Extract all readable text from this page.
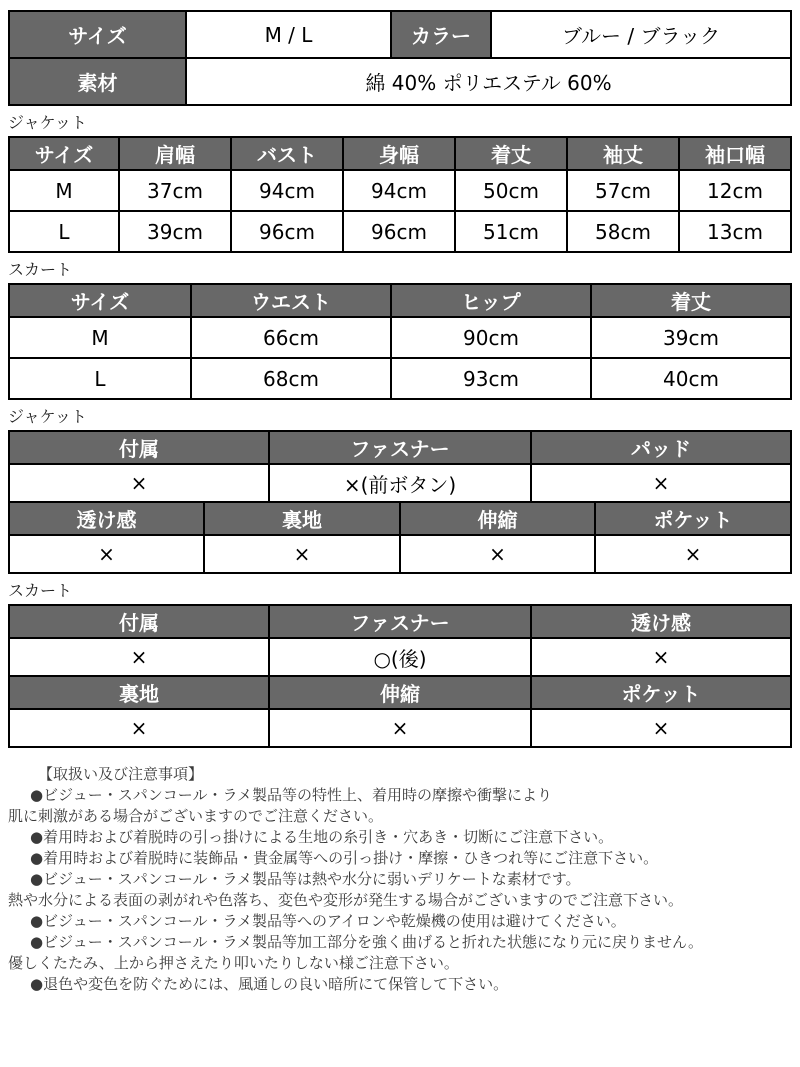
サイズ	M / L	カラー	ブルー / ブラック
素材	綿 40% ポリエステル 60%		
ジャケット
サイズ	肩幅	バスト	身幅	着丈	袖丈	袖口幅
M	37cm	94cm	94cm	50cm	57cm	12cm
L	39cm	96cm	96cm	51cm	58cm	13cm
スカート
サイズ	ウエスト	ヒップ	着丈
M	66cm	90cm	39cm
L	68cm	93cm	40cm
ジャケット
付属	ファスナー	パッド
×	×(前ボタン)	×
透け感	裏地	伸縮	ポケット
×	×	×	×
スカート
付属	ファスナー	透け感
×	○(後)	×
裏地	伸縮	ポケット
×	×	×
【取扱い及び注意事項】
●ビジュー・スパンコール・ラメ製品等の特性上、着用時の摩擦や衝撃により
肌に刺激がある場合がございますのでご注意ください。
●着用時および着脱時の引っ掛けによる生地の糸引き・穴あき・切断にご注意下さい。
●着用時および着脱時に装飾品・貴金属等への引っ掛け・摩擦・ひきつれ等にご注意下さい。
●ビジュー・スパンコール・ラメ製品等は熱や水分に弱いデリケートな素材です。
熱や水分による表面の剥がれや色落ち、変色や変形が発生する場合がございますのでご注意下さい。
●ビジュー・スパンコール・ラメ製品等へのアイロンや乾燥機の使用は避けてください。
●ビジュー・スパンコール・ラメ製品等加工部分を強く曲げると折れた状態になり元に戻りません。
優しくたたみ、上から押さえたり叩いたりしない様ご注意下さい。
●退色や変色を防ぐためには、風通しの良い暗所にて保管して下さい。
